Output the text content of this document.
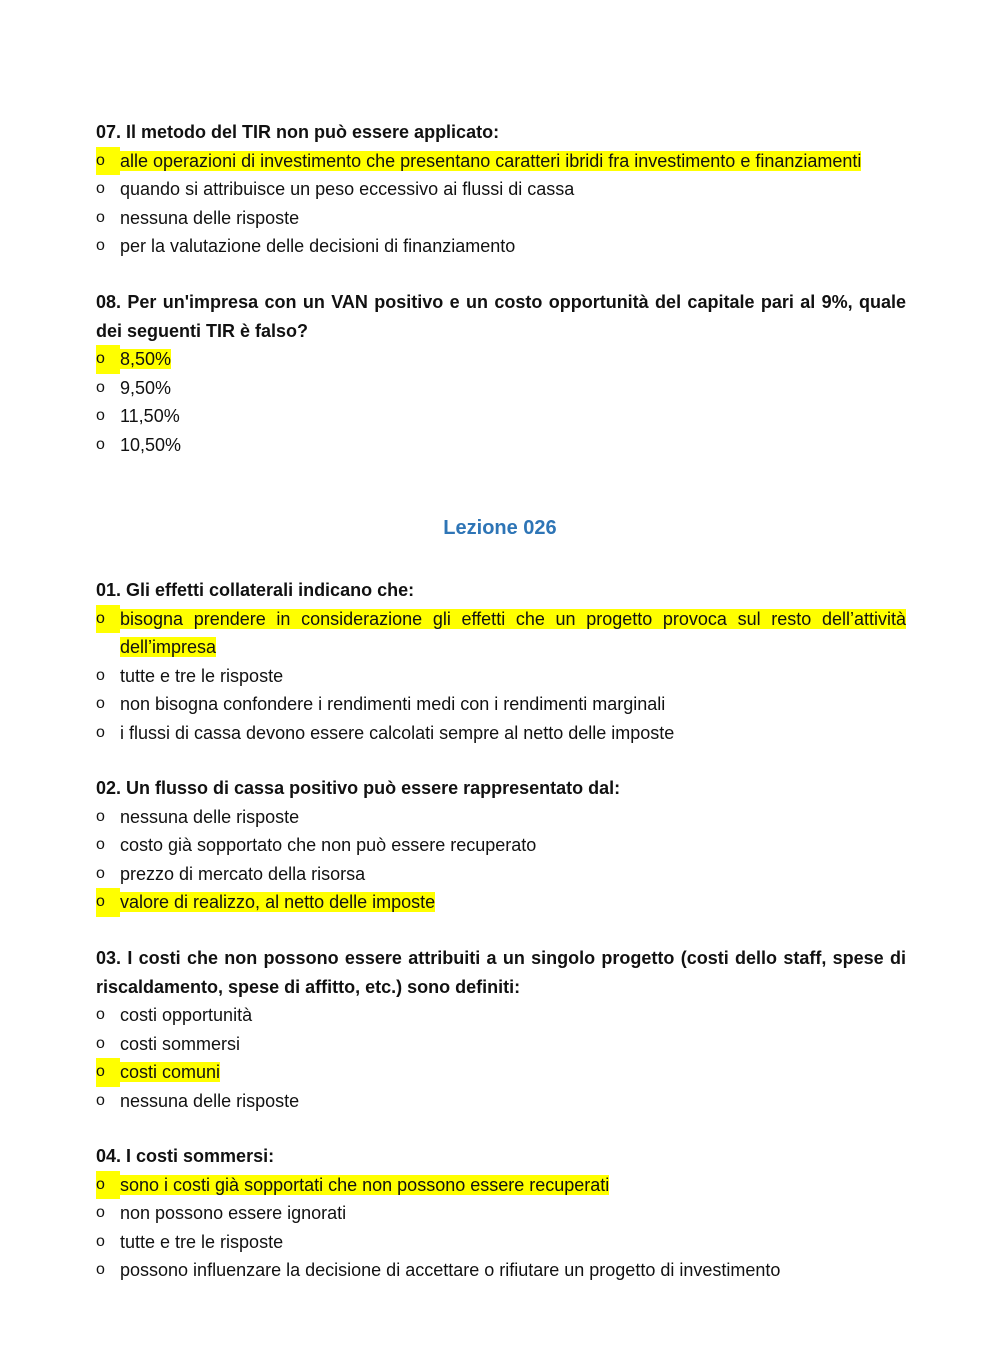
07. Il metodo del TIR non può essere applicato:

o alle operazioni di investimento che presentano caratteri ibridi fra investimento e finanziamenti
o quando si attribuisce un peso eccessivo ai flussi di cassa
o nessuna delle risposte
o per la valutazione delle decisioni di finanziamento

08. Per un'impresa con un VAN positivo e un costo opportunità del capitale pari al 9%, quale dei seguenti TIR è falso?

o 8,50%
o 9,50%
o 11,50%
o 10,50%

Lezione 026

01. Gli effetti collaterali indicano che:

o bisogna prendere in considerazione gli effetti che un progetto provoca sul resto dell’attività dell’impresa
o tutte e tre le risposte
o non bisogna confondere i rendimenti medi con i rendimenti marginali
o i flussi di cassa devono essere calcolati sempre al netto delle imposte

02. Un flusso di cassa positivo può essere rappresentato dal:

o nessuna delle risposte
o costo già sopportato che non può essere recuperato
o prezzo di mercato della risorsa
o valore di realizzo, al netto delle imposte

03. I costi che non possono essere attribuiti a un singolo progetto (costi dello staff, spese di riscaldamento, spese di affitto, etc.) sono definiti:

o costi opportunità
o costi sommersi
o costi comuni
o nessuna delle risposte

04. I costi sommersi:

o sono i costi già sopportati che non possono essere recuperati
o non possono essere ignorati
o tutte e tre le risposte
o possono influenzare la decisione di accettare o rifiutare un progetto di investimento
